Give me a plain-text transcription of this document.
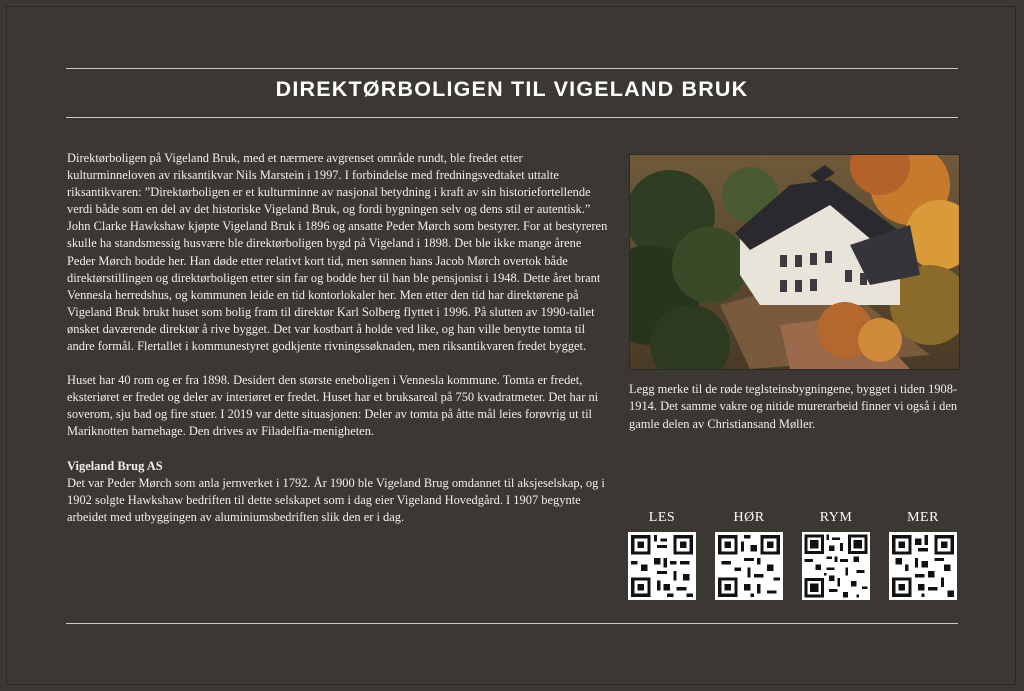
DIREKTØRBOLIGEN TIL VIGELAND BRUK

Direktørboligen på Vigeland Bruk, med et nærmere avgrenset område rundt, ble fredet etter kulturminneloven av riksantikvar Nils Marstein i 1997. I forbindelse med fredningsvedtaket uttalte riksantikvaren: ”Direktørboligen er et kulturminne av nasjonal betydning i kraft av sin historiefortellende verdi både som en del av det historiske Vigeland Bruk, og fordi bygningen selv og dens stil er autentisk.” John Clarke Hawkshaw kjøpte Vigeland Bruk i 1896 og ansatte Peder Mørch som bestyrer. For at bestyreren skulle ha standsmessig husvære ble direktørboligen bygd på Vigeland i 1898. Det ble ikke mange årene Peder Mørch bodde her. Han døde etter relativt kort tid, men sønnen hans Jacob Mørch overtok både direktørstillingen og direktørboligen etter sin far og bodde her til han ble pensjonist i 1948. Dette året brant Vennesla herredshus, og kommunen leide en tid kontorlokaler her. Men etter den tid har direktørene på Vigeland Bruk brukt huset som bolig fram til direktør Karl Solberg flyttet i 1996. På slutten av 1990-tallet ønsket daværende direktør å rive bygget. Det var kostbart å holde ved like, og han ville benytte tomta til andre formål. Flertallet i kommunestyret godkjente rivningssøknaden, men riksantikvaren fredet bygget.

Huset har 40 rom og er fra 1898. Desidert den største eneboligen i Vennesla kommune. Tomta er fredet, eksteriøret er fredet og deler av interiøret er fredet. Huset har et bruksareal på 750 kvadratmeter. Det har ni soverom, sju bad og fire stuer. I 2019 var dette situasjonen: Deler av tomta på åtte mål leies forøvrig ut til Mariknotten barnehage. Den drives av Filadelfia-menigheten.

Vigeland Brug AS
Det var Peder Mørch som anla jernverket i 1792. År 1900 ble Vigeland Brug omdannet til aksjeselskap, og i 1902 solgte Hawkshaw bedriften til dette selskapet som i dag eier Vigeland Hovedgård. I 1907 begynte arbeidet med utbyggingen av aluminiumsbedriften slik den er i dag.

Legg merke til de røde teglsteinsbygningene, bygget i tiden 1908-1914. Det samme vakre og nitide murerarbeid finner vi også i den gamle delen av Christiansand Møller.
LES	HØR	RYM	MER
